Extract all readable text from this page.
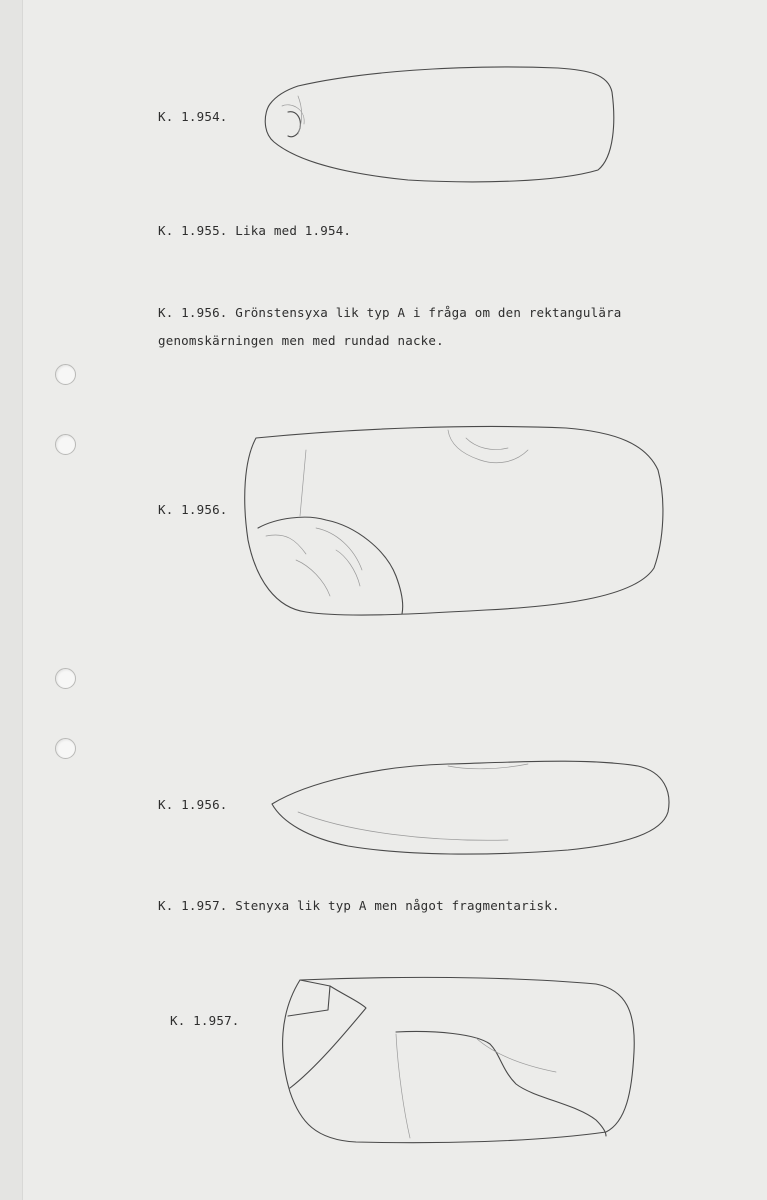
K. 1.954.
K. 1.955. Lika med 1.954.
K. 1.956. Grönstensyxa lik typ A i fråga om den rektangulära genomskärningen men med rundad nacke.
K. 1.956.
K. 1.956.
K. 1.957. Stenyxa lik typ A men något fragmentarisk.
K. 1.957.
